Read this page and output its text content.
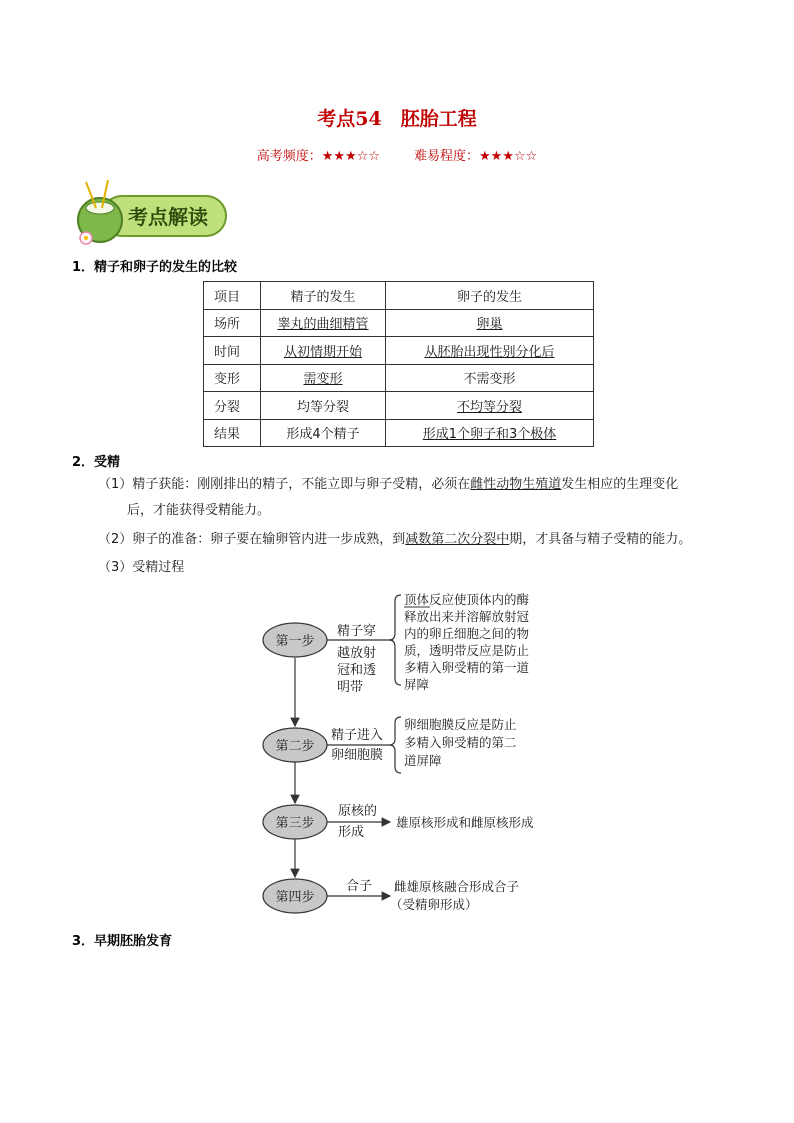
考点54　胚胎工程
高考频度：★★★☆☆	难易程度：★★★☆☆
考点解读
1．精子和卵子的发生的比较
项目	精子的发生	卵子的发生
场所	睾丸的曲细精管	卵巢
时间	从初情期开始	从胚胎出现性别分化后
变形	需变形	不需变形
分裂	均等分裂	不均等分裂
结果	形成4个精子	形成1个卵子和3个极体
2．受精
（1）精子获能：刚刚排出的精子，不能立即与卵子受精，必须在雌性动物生殖道发生相应的生理变化
后，才能获得受精能力。
（2）卵子的准备：卵子要在输卵管内进一步成熟，到减数第二次分裂中期，才具备与精子受精的能力。
（3）受精过程
第一步
精子穿
越放射
冠和透
明带
顶体反应使顶体内的酶
释放出来并溶解放射冠
内的卵丘细胞之间的物
质，透明带反应是防止
多精入卵受精的第一道
屏障
第二步
精子进入
卵细胞膜
卵细胞膜反应是防止
多精入卵受精的第二
道屏障
第三步
原核的
形成
雄原核形成和雌原核形成
第四步
合子 雌雄原核融合形成合子
（受精卵形成）
3．早期胚胎发育
